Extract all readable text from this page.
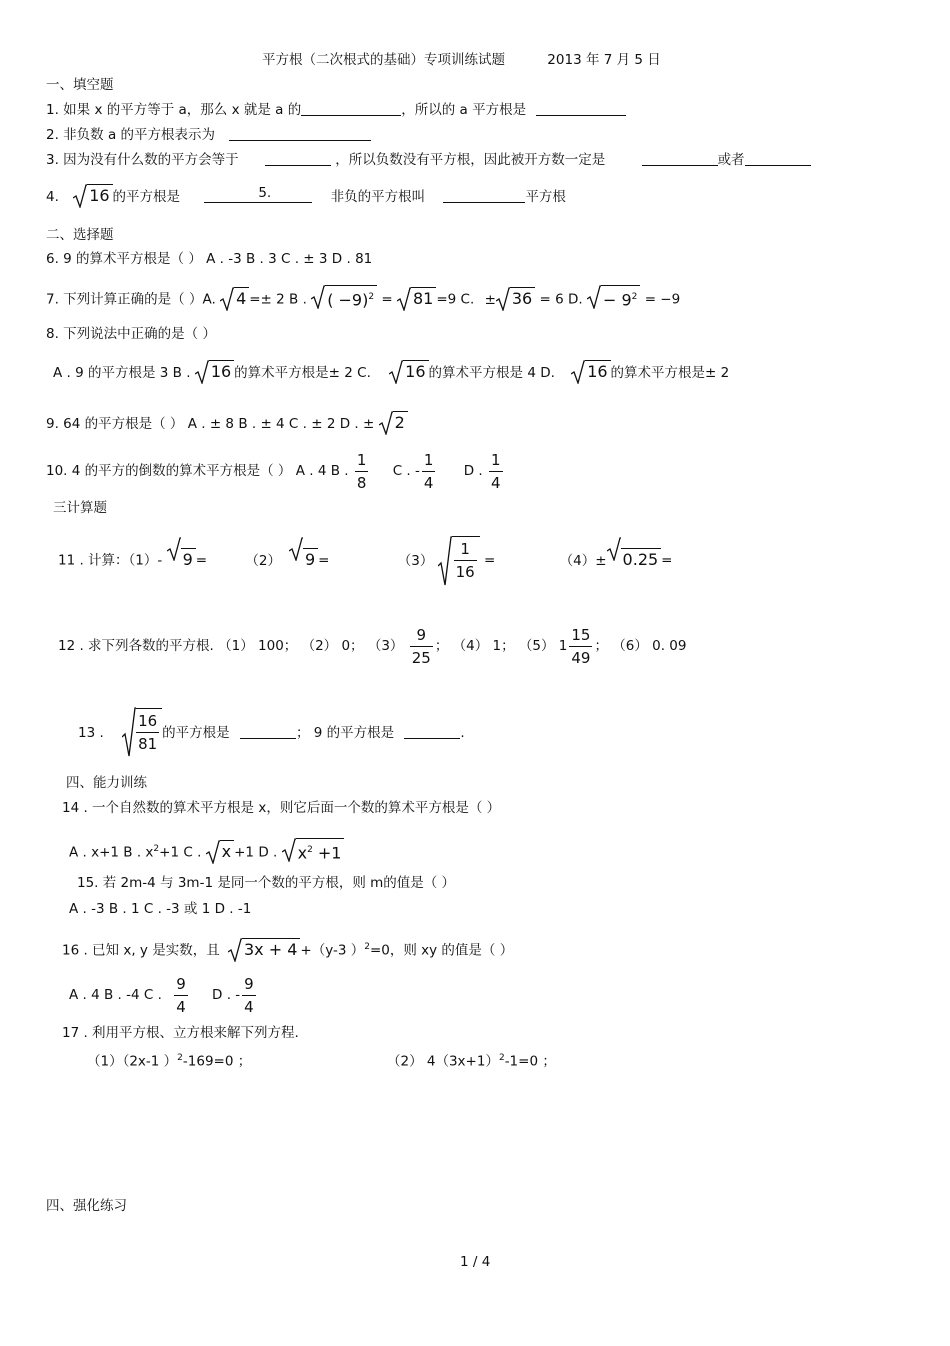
平方根（二次根式的基础）专项训练试题	2013 年 7 月 5 日
一、填空题
1. 如果 x 的平方等于 a，那么 x 就是 a 的	，所以的 a 平方根是
2. 非负数 a 的平方根表示为
3. 因为没有什么数的平方会等于	，所以负数没有平方根，因此被开方数一定是	或者
4. 16 的平方根是	5.	非负的平方根叫	平方根
二、选择题
6. 9 的算术平方根是（ ） A . -3 B . 3 C . ± 3 D . 81
7. 下列计算正确的是（ ）A. 4 =± 2 B . ( −9)$^2$ = 81 =9 C. ± 36 = 6 D. − $9^2 = -9$
8. 下列说法中正确的是（ ）
A . 9 的平方根是 3 B . 16 的算术平方根是± 2 C. 16 的算术平方根是 4 D. 16 的算术平方根是± 2
9. 64 的平方根是（ ） A . ± 8 B . ± 4 C . ± 2 D . ± 2
10. 4 的平方的倒数的算术平方根是（ ） A . 4 B . $\frac{1}{8}$ C . - $\frac{1}{4}$ D . $\frac{1}{4}$
三计算题
11 . 计算：（1）- 9 =	（2） 9 =	$(3) \frac{1}{16}$ =	（4）± 0.25 =
12 . 求下列各数的平方根. （1） 100； （2） 0； $(3) \frac{9}{25}$ ； （4） 1； （5） $1 \frac{15}{49}$ ； （6） 0. 09
13 . $\frac{16}{81}$ 的平方根是	； 9 的平方根是	.
四、能力训练
14 . 一个自然数的算术平方根是 x，则它后面一个数的算术平方根是（ ）
A . x+1 B . $x^2+1$ C . x +1 D . $x^2 +1$
15. 若 2m-4 与 3m-1 是同一个数的平方根，则 m的值是（ ）
A . -3 B . 1 C . -3 或 1 D . -1
16 . 已知 x, y 是实数，且 3x + 4 +（y-3 ）$^2$=0，则 xy 的值是（ ）
A . 4 B . -4 C . $\frac{9}{4}$ D . - $\frac{9}{4}$
17 . 利用平方根、立方根来解下列方程.
（1）（2x-1 ）$^2$-169=0 ；	（2） $4(3x+1)^2-1=0$ ；
四、强化练习
1 / 4
